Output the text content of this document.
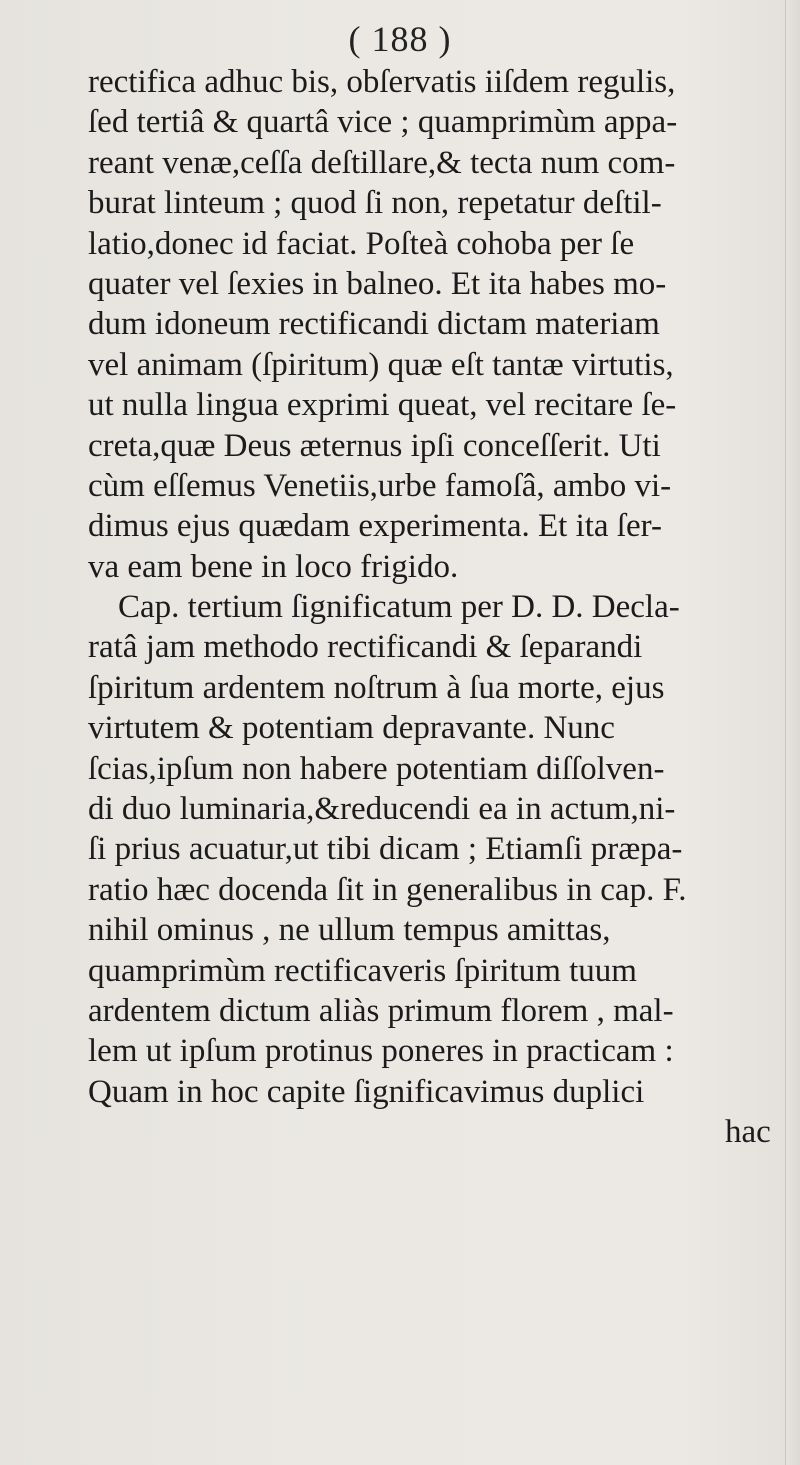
( 188 )
rectifica adhuc bis, obſervatis iiſdem regulis,
ſed tertiâ & quartâ vice ; quamprimùm appa-
reant venæ,ceſſa deſtillare,& tecta num com-
burat linteum ; quod ſi non, repetatur deſtil-
latio,donec id faciat. Poſteà cohoba per ſe
quater vel ſexies in balneo. Et ita habes mo-
dum idoneum rectificandi dictam materiam
vel animam (ſpiritum) quæ eſt tantæ virtutis,
ut nulla lingua exprimi queat, vel recitare ſe-
creta,quæ Deus æternus ipſi conceſſerit. Uti
cùm eſſemus Venetiis,urbe famoſâ, ambo vi-
dimus ejus quædam experimenta. Et ita ſer-
va eam bene in loco frigido.
Cap. tertium ſignificatum per D. D. Decla-
ratâ jam methodo rectificandi & ſeparandi
ſpiritum ardentem noſtrum à ſua morte, ejus
virtutem & potentiam depravante. Nunc
ſcias,ipſum non habere potentiam diſſolven-
di duo luminaria,&reducendi ea in actum,ni-
ſi prius acuatur,ut tibi dicam ; Etiamſi præpa-
ratio hæc docenda ſit in generalibus in cap. F.
nihil ominus , ne ullum tempus amittas,
quamprimùm rectificaveris ſpiritum tuum
ardentem dictum aliàs primum florem , mal-
lem ut ipſum protinus poneres in practicam :
Quam in hoc capite ſignificavimus duplici
hac
